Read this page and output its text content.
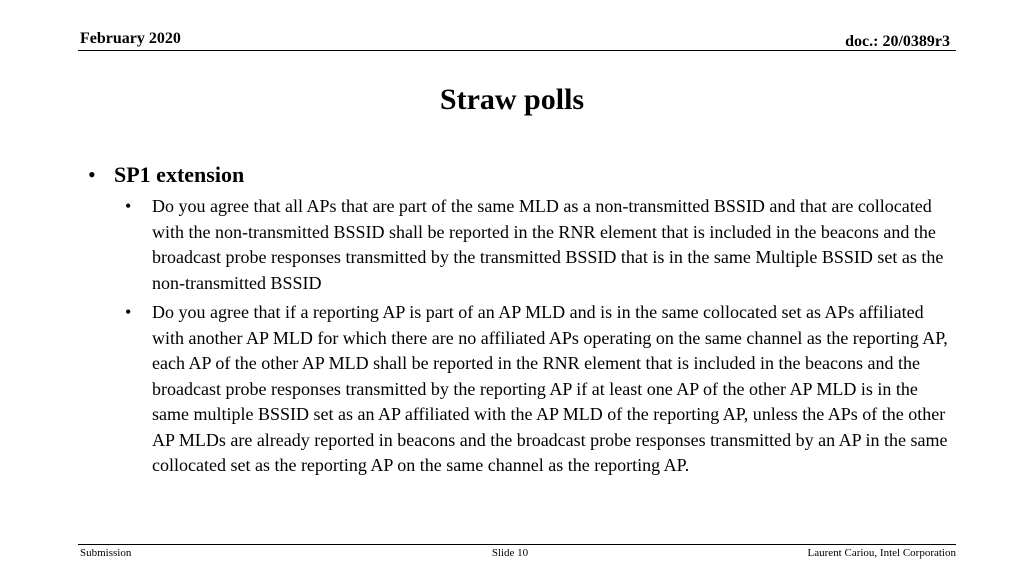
February 2020	doc.: 20/0389r3
Straw polls
• SP1 extension
• Do you agree that all APs that are part of the same MLD as a non-transmitted BSSID and that are collocated with the non-transmitted BSSID shall be reported in the RNR element that is included in the beacons and the broadcast probe responses transmitted by the transmitted BSSID that is in the same Multiple BSSID set as the non-transmitted BSSID
• Do you agree that if a reporting AP is part of an AP MLD and is in the same collocated set as APs affiliated with another AP MLD for which there are no affiliated APs operating on the same channel as the reporting AP, each AP of the other AP MLD shall be reported in the RNR element that is included in the beacons and the broadcast probe responses transmitted by the reporting AP if at least one AP of the other AP MLD is in the same multiple BSSID set as an AP affiliated with the AP MLD of the reporting AP, unless the APs of the other AP MLDs are already reported in beacons and the broadcast probe responses transmitted by an AP in the same collocated set as the reporting AP on the same channel as the reporting AP.
Submission	Slide 10	Laurent Cariou, Intel Corporation
